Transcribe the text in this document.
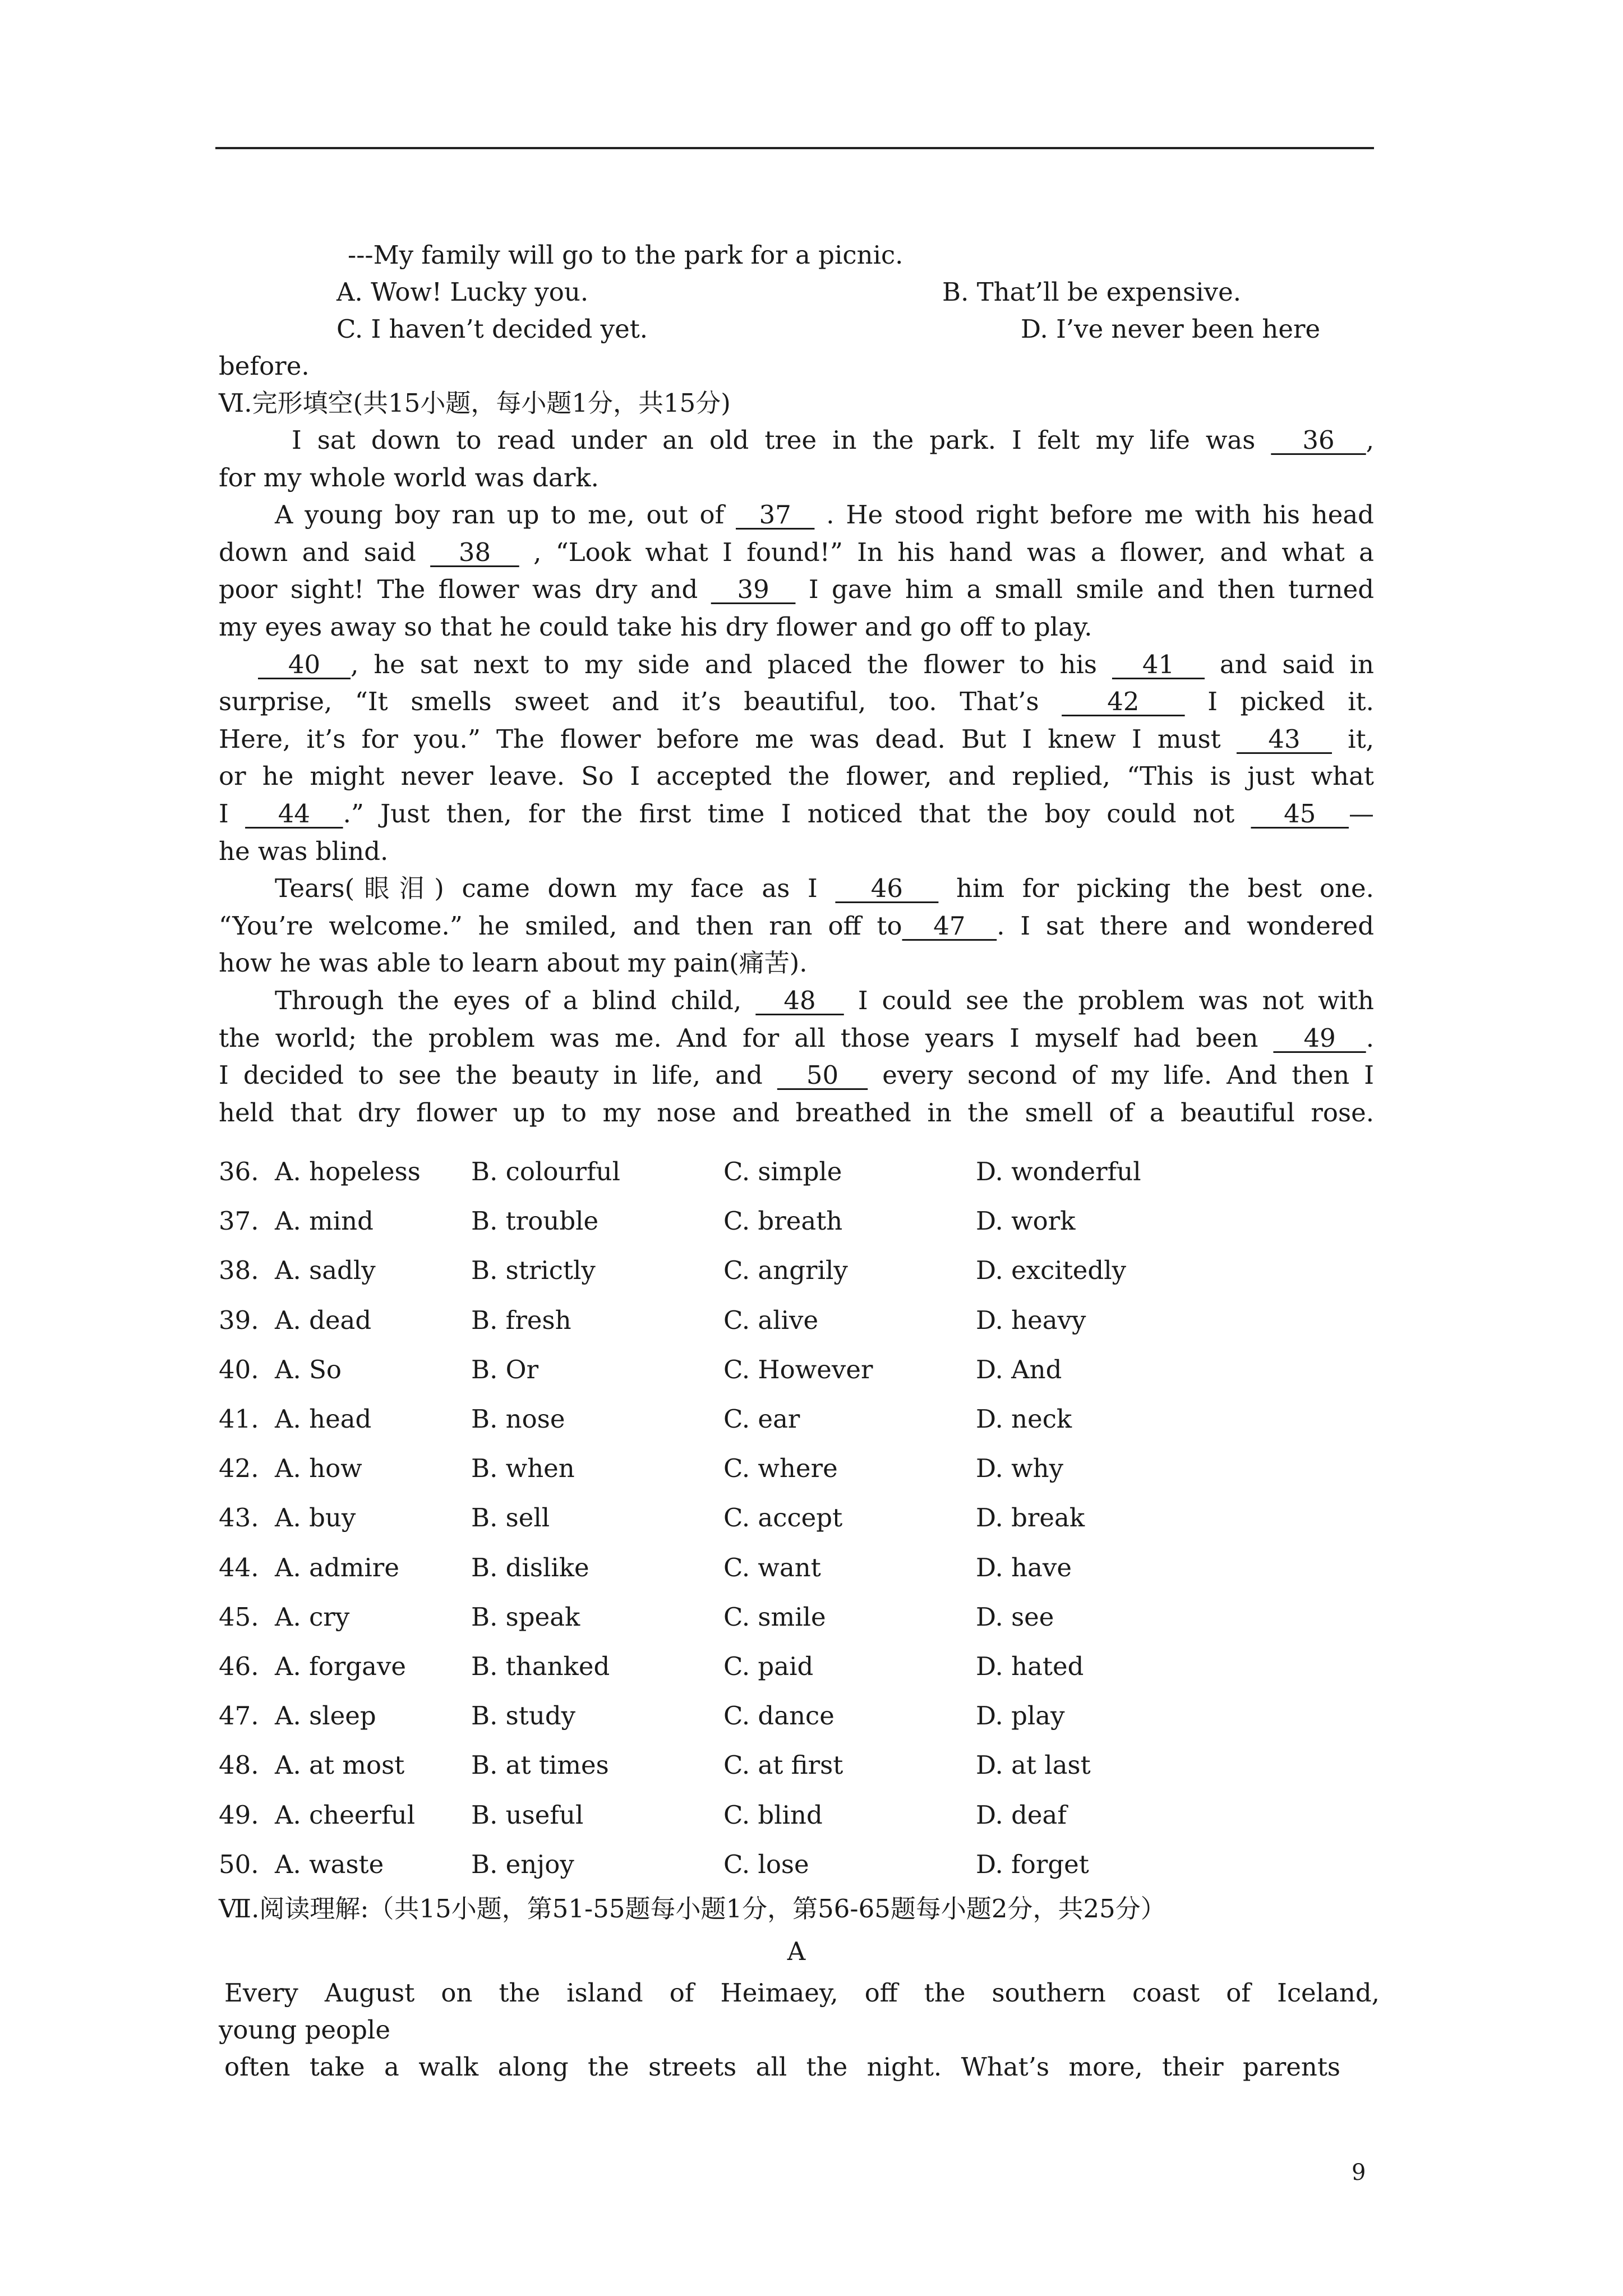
---My family will go to the park for a picnic.
A. Wow! Lucky you.	B. That’ll be expensive.
C. I haven’t decided yet.	D. I’ve never been here
before.
Ⅵ.完形填空(共15小题，每小题1分，共15分)
I sat down to read under an old tree in the park. I felt my life was   36  ,
for my whole world was dark.
A young boy ran up to me, out of   37   . He stood right before me with his head
down and said   38   , “Look what I found!” In his hand was a flower, and what a
poor sight! The flower was dry and   39   I gave him a small smile and then turned
my eyes away so that he could take his dry flower and go off to play.
40  , he sat next to my side and placed the flower to his   41   and said in
surprise, “It smells sweet and it’s beautiful, too. That’s   42   I picked it.
Here, it’s for you.” The flower before me was dead. But I knew I must   43   it,
or he might never leave. So I accepted the flower, and replied, “This is just what
I   44  .” Just then, for the first time I noticed that the boy could not   45  —
he was blind.
Tears(眼泪) came down my face as I   46   him for picking the best one.
“You’re welcome.” he smiled, and then ran off to  47  . I sat there and wondered
how he was able to learn about my pain(痛苦).
Through the eyes of a blind child,   48   I could see the problem was not with
the world; the problem was me. And for all those years I myself had been   49  .
I decided to see the beauty in life, and   50   every second of my life. And then I
held that dry flower up to my nose and breathed in the smell of a beautiful rose.
36. A. hopeless B. colourful	C. simple	D. wonderful
37. A. mind	B. trouble	C. breath	D. work
38. A. sadly	B. strictly	C. angrily	D. excitedly
39. A. dead	B. fresh	C. alive	D. heavy
40. A. So	B. Or	C. However	D. And
41. A. head	B. nose	C. ear	D. neck
42. A. how	B. when	C. where	D. why
43. A. buy	B. sell	C. accept	D. break
44. A. admire	B. dislike	C. want	D. have
45. A. cry	B. speak	C. smile	D. see
46. A. forgave	B. thanked	C. paid	D. hated
47. A. sleep	B. study	C. dance	D. play
48. A. at most	B. at times	C. at first	D. at last
49. A. cheerful B. useful	C. blind	D. deaf
50. A. waste	B. enjoy	C. lose	D. forget
Ⅶ.阅读理解:（共15小题，第51-55题每小题1分，第56-65题每小题2分，共25分）
A
Every August on the island of Heimaey, off the southern coast of Iceland,
young people
often take a walk along the streets all the night. What’s more, their parents
9
